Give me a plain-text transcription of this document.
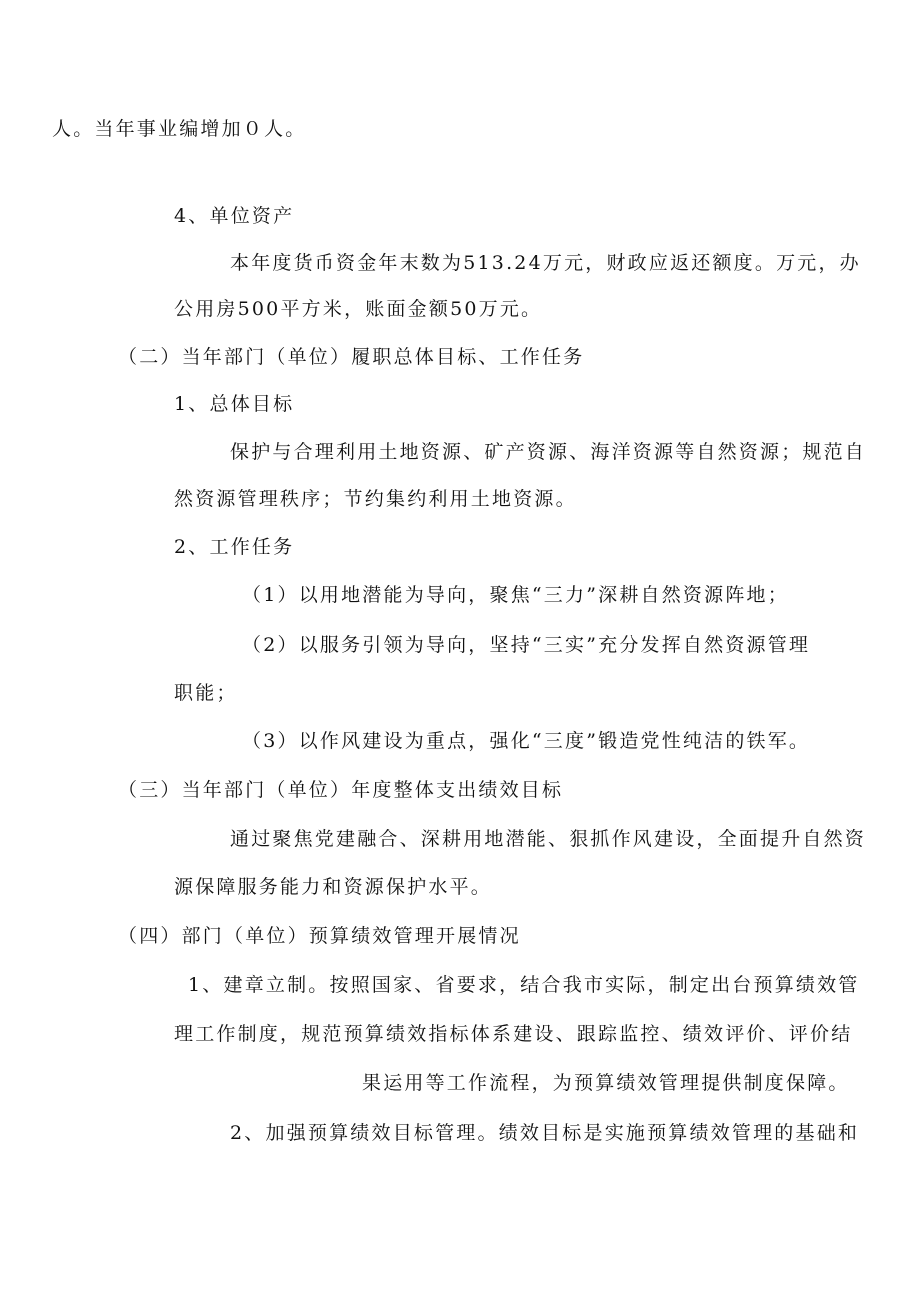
人。当年事业编增加０人。
4、单位资产
本年度货币资金年末数为513.24万元，财政应返还额度。万元，办
公用房500平方米，账面金额50万元。
（二）当年部门（单位）履职总体目标、工作任务
1、总体目标
保护与合理利用土地资源、矿产资源、海洋资源等自然资源；规范自
然资源管理秩序；节约集约利用土地资源。
2、工作任务
（1）以用地潜能为导向，聚焦“三力”深耕自然资源阵地；
（2）以服务引领为导向，坚持“三实”充分发挥自然资源管理
职能；
（3）以作风建设为重点，强化“三度”锻造党性纯洁的铁军。
（三）当年部门（单位）年度整体支出绩效目标
通过聚焦党建融合、深耕用地潜能、狠抓作风建设，全面提升自然资
源保障服务能力和资源保护水平。
（四）部门（单位）预算绩效管理开展情况
1、建章立制。按照国家、省要求，结合我市实际，制定出台预算绩效管
理工作制度，规范预算绩效指标体系建设、跟踪监控、绩效评价、评价结
果运用等工作流程，为预算绩效管理提供制度保障。
2、加强预算绩效目标管理。绩效目标是实施预算绩效管理的基础和
